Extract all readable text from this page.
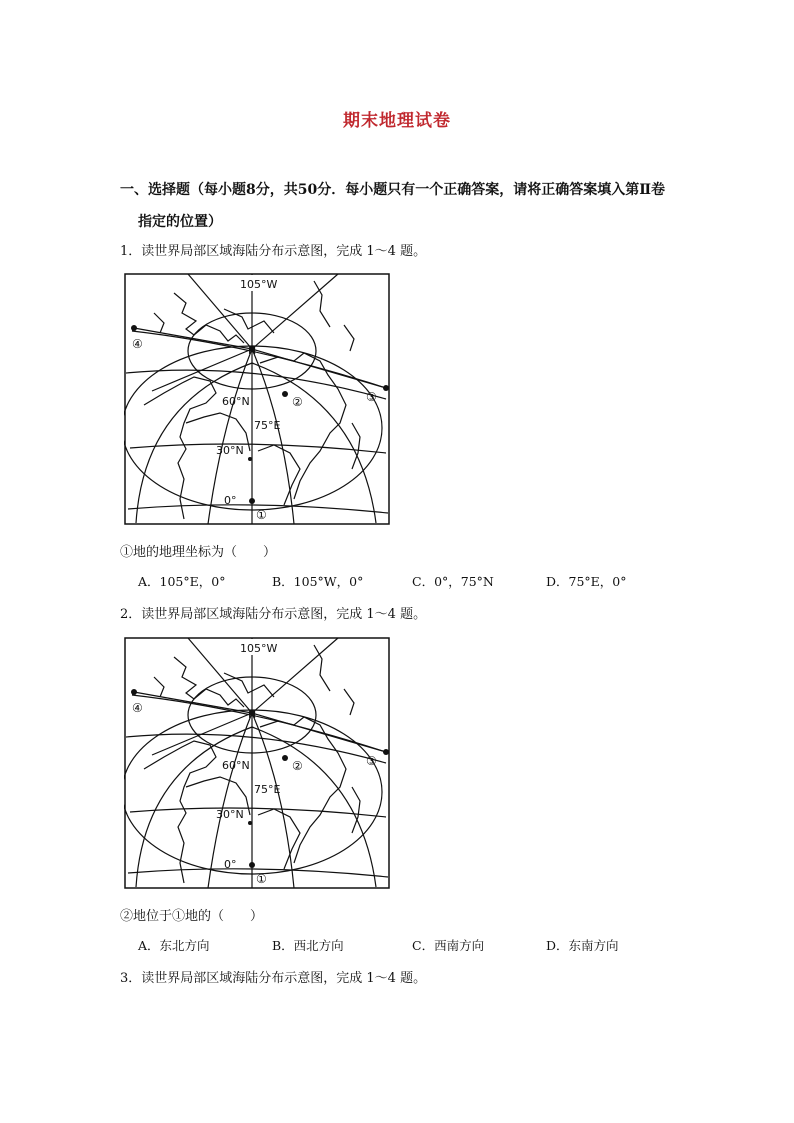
期末地理试卷
一、选择题（每小题8分，共50分．每小题只有一个正确答案，请将正确答案填入第Ⅱ卷
指定的位置）
1．读世界局部区域海陆分布示意图，完成 1～4 题。
105°W
N
60°N
75°E
30°N
0°
④
③
②
①
①地的地理坐标为（　　）
A．105°E，0°	B．105°W，0°	C．0°，75°N	D．75°E，0°
2．读世界局部区域海陆分布示意图，完成 1～4 题。
105°W
N
60°N
75°E
30°N
0°
④
③
②
①
②地位于①地的（　　）
A．东北方向	B．西北方向	C．西南方向	D．东南方向
3．读世界局部区域海陆分布示意图，完成 1～4 题。
